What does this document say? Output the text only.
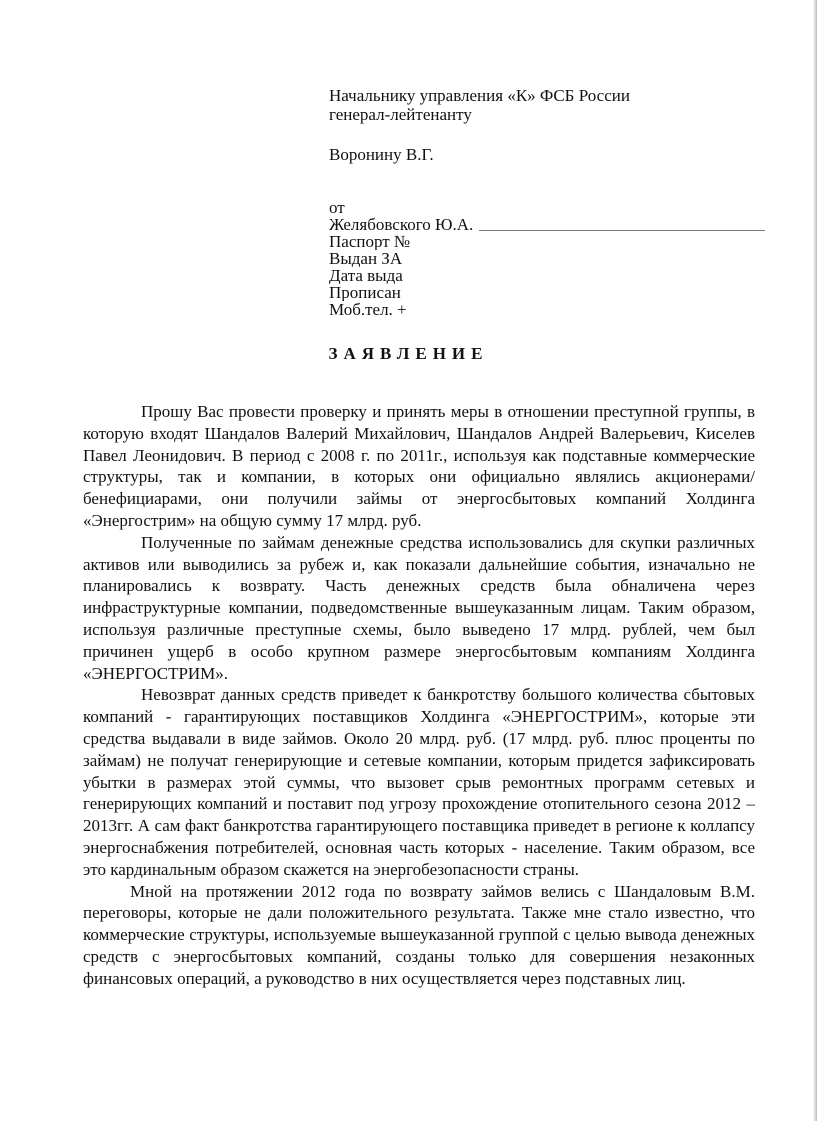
Начальнику управления «К» ФСБ России
генерал-лейтенанту
Воронину В.Г.
от
Желябовского Ю.А.
Паспорт №
Выдан ЗА
Дата выда
Прописан
Моб.тел. +
ЗАЯВЛЕНИЕ

Прошу Вас провести проверку и принять меры в отношении преступной группы, в которую входят Шандалов Валерий Михайлович, Шандалов Андрей Валерьевич, Киселев Павел Леонидович. В период с 2008 г. по 2011г., используя как подставные коммерческие структуры, так и компании, в которых они официально являлись акционерами/бенефициарами, они получили займы от энергосбытовых компаний Холдинга «Энергострим» на общую сумму 17 млрд. руб.

Полученные по займам денежные средства использовались для скупки различных активов или выводились за рубеж и, как показали дальнейшие события, изначально не планировались к возврату. Часть денежных средств была обналичена через инфраструктурные компании, подведомственные вышеуказанным лицам. Таким образом, используя различные преступные схемы, было выведено 17 млрд. рублей, чем был причинен ущерб в особо крупном размере энергосбытовым компаниям Холдинга «ЭНЕРГОСТРИМ».

Невозврат данных средств приведет к банкротству большого количества сбытовых компаний - гарантирующих поставщиков Холдинга «ЭНЕРГОСТРИМ», которые эти средства выдавали в виде займов. Около 20 млрд. руб. (17 млрд. руб. плюс проценты по займам) не получат генерирующие и сетевые компании, которым придется зафиксировать убытки в размерах этой суммы, что вызовет срыв ремонтных программ сетевых и генерирующих компаний и поставит под угрозу прохождение отопительного сезона 2012 – 2013гг. А сам факт банкротства гарантирующего поставщика приведет в регионе к коллапсу энергоснабжения потребителей, основная часть которых - население. Таким образом, все это кардинальным образом скажется на энергобезопасности страны.

Мной на протяжении 2012 года по возврату займов велись с Шандаловым В.М. переговоры, которые не дали положительного результата. Также мне стало известно, что коммерческие структуры, используемые вышеуказанной группой с целью вывода денежных средств с энергосбытовых компаний, созданы только для совершения незаконных финансовых операций, а руководство в них осуществляется через подставных лиц.
